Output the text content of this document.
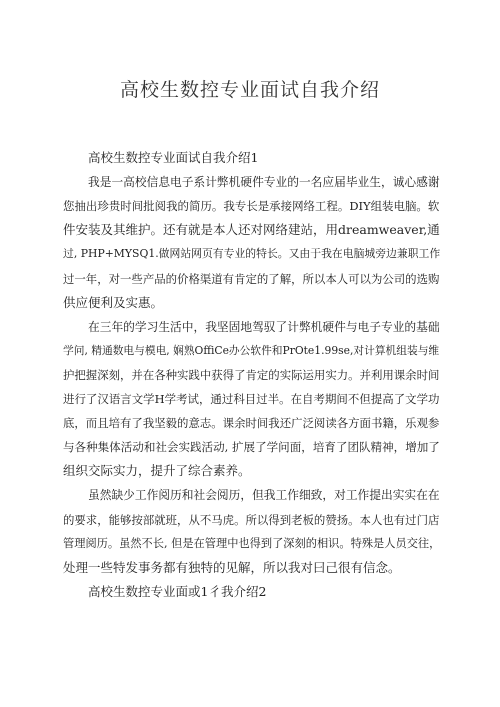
高校生数控专业面试自我介绍
高校生数控专业面试自我介绍1
我是一高校信息电子系计弊机硬件专业的一名应届毕业生，诚心感谢
您抽出珍贵时间批阅我的简历。我专长是承接网络工程。DIY组装电脑。软
件安装及其维护。还有就是本人还对网络建站，用dreamweaver,通
过, PHP+MYSQ1.做网站网页有专业的特长。又由于我在电脑城旁边兼职工作
过一年，对一些产品的价格渠道有肯定的了解，所以本人可以为公司的选购
供应便利及实惠。
在三年的学习生活中，我坚固地驾驭了计弊机硬件与电子专业的基础
学问, 精通数电与模电, 娴熟OffiCe办公软件和PrOte1.99se,对计算机组装与维
护把握深刻，并在各种实践中获得了肯定的实际运用实力。并利用课余时间
进行了汉语言文学H学考试，通过科目过半。在自考期间不但提高了文学功
底，而且培有了我坚毅的意志。课余时间我还广泛阅读各方面书籍，乐观参
与各种集体活动和社会实践活动, 扩展了学问面，培育了团队精神，增加了
组织交际实力，提升了综合素养。
虽然缺少工作阅历和社会阅历，但我工作细致，对工作提出实实在在
的要求，能够按部就班，从不马虎。所以得到老板的赞扬。本人也有过门店
管理阅历。虽然不长, 但是在管理中也得到了深刻的相识。特殊是人员交往，
处理一些特发事务都有独特的见解，所以我对曰己很有信念。
高校生数控专业面或1彳我介绍2
